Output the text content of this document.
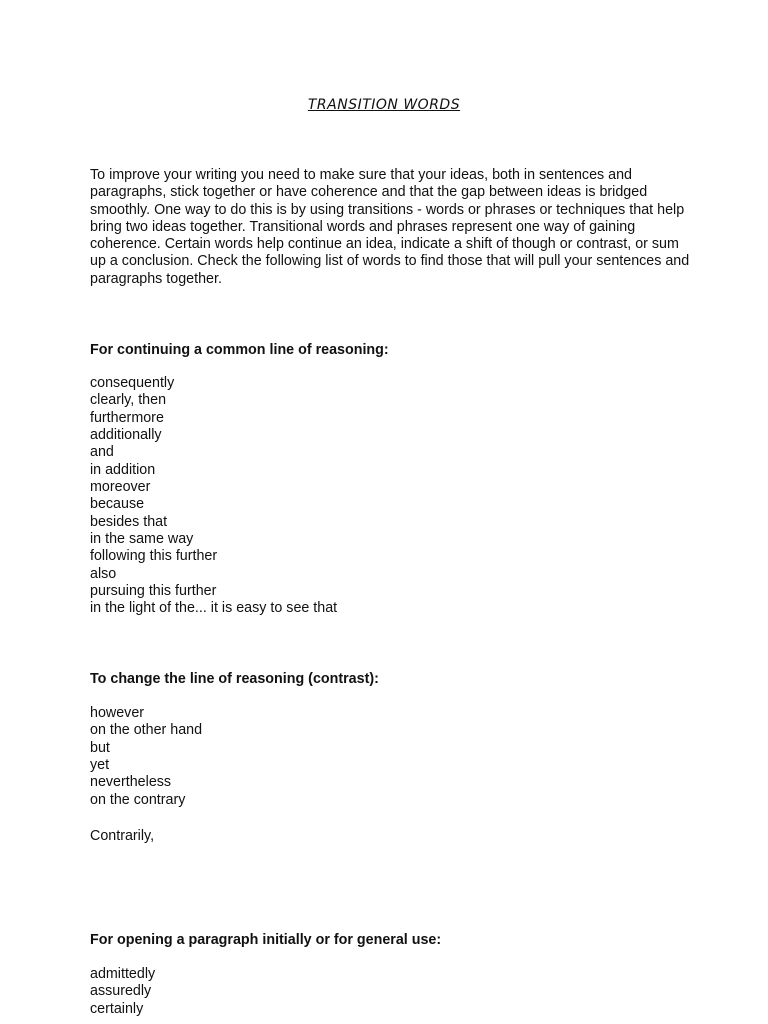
TRANSITION WORDS

To improve your writing you need to make sure that your ideas, both in sentences and paragraphs, stick together or have coherence and that the gap between ideas is bridged smoothly. One way to do this is by using transitions - words or phrases or techniques that help bring two ideas together. Transitional words and phrases represent one way of gaining coherence. Certain words help continue an idea, indicate a shift of though or contrast, or sum up a conclusion. Check the following list of words to find those that will pull your sentences and paragraphs together.

For continuing a common line of reasoning:

consequently
clearly, then
furthermore
additionally
and
in addition
moreover
because
besides that
in the same way
following this further
also
pursuing this further
in the light of the... it is easy to see that

To change the line of reasoning (contrast):

however
on the other hand
but
yet
nevertheless
on the contrary

Contrarily,

For opening a paragraph initially or for general use:

admittedly
assuredly
certainly
